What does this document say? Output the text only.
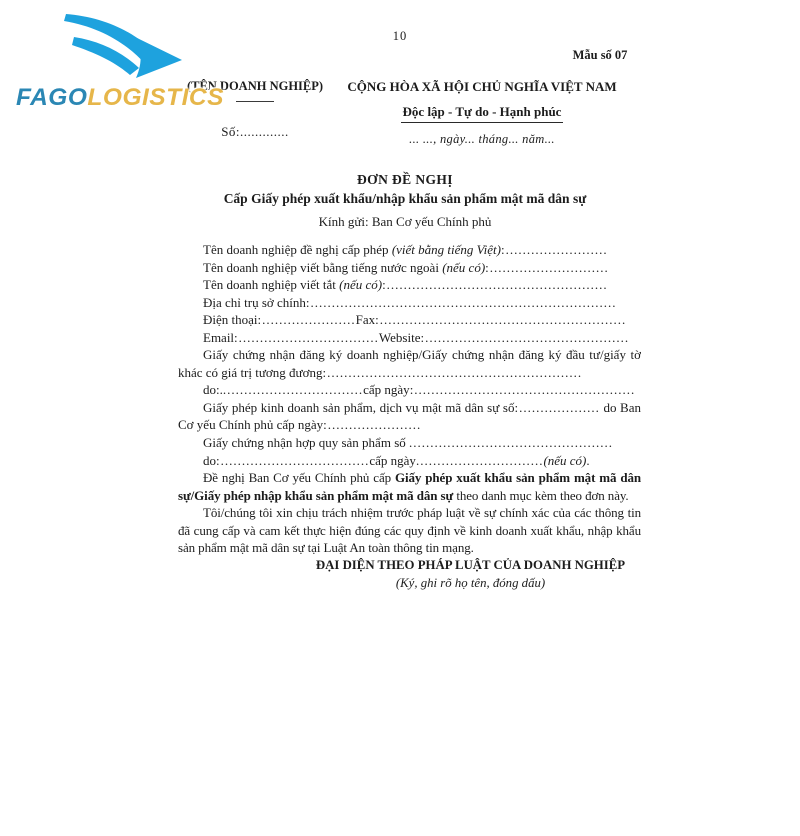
FAGOLOGISTICS
10
Mẫu số 07
(TÊN DOANH NGHIỆP)
Số:.............
CỘNG HÒA XÃ HỘI CHỦ NGHĨA VIỆT NAM
Độc lập - Tự do - Hạnh phúc
... ..., ngày... tháng... năm...
ĐƠN ĐỀ NGHỊ
Cấp Giấy phép xuất khẩu/nhập khẩu sản phẩm mật mã dân sự
Kính gửi: Ban Cơ yếu Chính phủ

Tên doanh nghiệp đề nghị cấp phép (viết bằng tiếng Việt):........................

Tên doanh nghiệp viết bằng tiếng nước ngoài (nếu có):............................

Tên doanh nghiệp viết tắt (nếu có):....................................................

Địa chỉ trụ sở chính:........................................................................

Điện thoại:......................Fax:..........................................................

Email:.................................Website:................................................

Giấy chứng nhận đăng ký doanh nghiệp/Giấy chứng nhận đăng ký đầu tư/giấy tờ khác có giá trị tương đương:............................................................

do:..................................cấp ngày:....................................................

Giấy phép kinh doanh sản phẩm, dịch vụ mật mã dân sự số:................... do Ban Cơ yếu Chính phủ cấp ngày:......................

Giấy chứng nhận hợp quy sản phẩm số ................................................

do:...................................cấp ngày..............................(nếu có).

Đề nghị Ban Cơ yếu Chính phủ cấp Giấy phép xuất khẩu sản phẩm mật mã dân sự/Giấy phép nhập khẩu sản phẩm mật mã dân sự theo danh mục kèm theo đơn này.

Tôi/chúng tôi xin chịu trách nhiệm trước pháp luật về sự chính xác của các thông tin đã cung cấp và cam kết thực hiện đúng các quy định về kinh doanh xuất khẩu, nhập khẩu sản phẩm mật mã dân sự tại Luật An toàn thông tin mạng.

ĐẠI DIỆN THEO PHÁP LUẬT CỦA DOANH NGHIỆP
(Ký, ghi rõ họ tên, đóng dấu)
